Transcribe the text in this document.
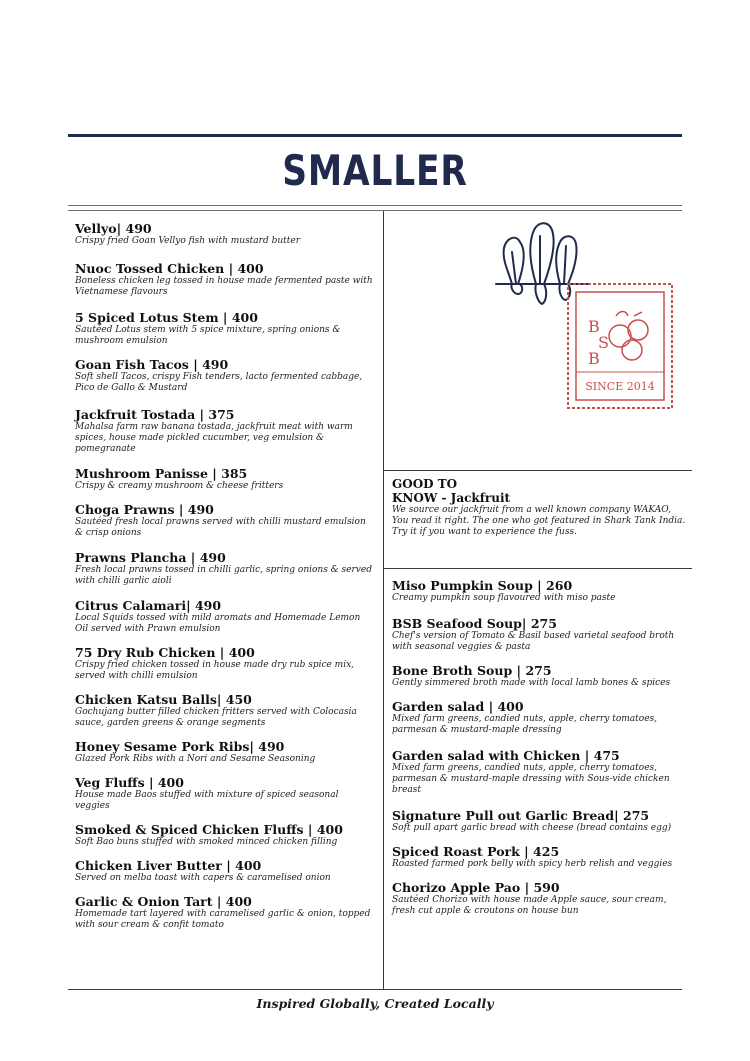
SMALLER
Vellyo| 490
Crispy fried Goan Vellyo fish with mustard butter
Nuoc Tossed Chicken | 400
Boneless chicken leg tossed in house made fermented paste with Vietnamese flavours
5 Spiced Lotus Stem | 400
Sautéed Lotus stem with 5 spice mixture, spring onions & mushroom emulsion
Goan Fish Tacos | 490
Soft shell Tacos, crispy Fish tenders, lacto fermented cabbage, Pico de Gallo & Mustard
Jackfruit Tostada | 375
Mahalsa farm raw banana tostada, jackfruit meat with warm spices, house made pickled cucumber, veg emulsion & pomegranate
Mushroom Panisse | 385
Crispy & creamy mushroom & cheese fritters
Choga Prawns | 490
Sautéed fresh local prawns served with chilli mustard emulsion & crisp onions
Prawns Plancha | 490
Fresh local prawns tossed in chilli garlic, spring onions & served with chilli garlic aioli
Citrus Calamari| 490
Local Squids tossed with mild aromats and Homemade Lemon Oil served with Prawn emulsion
75 Dry Rub Chicken | 400
Crispy fried chicken tossed in house made dry rub spice mix, served with chilli emulsion
Chicken Katsu Balls| 450
Gochujang butter filled chicken fritters served with Colocasia sauce, garden greens & orange segments
Honey Sesame Pork Ribs| 490
Glazed Pork Ribs with a Nori and Sesame Seasoning
Veg Fluffs | 400
House made Baos stuffed with mixture of spiced seasonal veggies
Smoked & Spiced Chicken Fluffs | 400
Soft Bao buns stuffed with smoked minced chicken filling
Chicken Liver Butter | 400
Served on melba toast with capers & caramelised onion
Garlic & Onion Tart | 400
Homemade tart layered with caramelised garlic & onion, topped with sour cream & confit tomato
B
S
B
SINCE 2014
GOOD TO
KNOW - Jackfruit
We source our jackfruit from a well known company WAKAO, You read it right. The one who got featured in Shark Tank India. Try it if you want to experience the fuss.
Miso Pumpkin Soup | 260
Creamy pumpkin soup flavoured with miso paste
BSB Seafood Soup| 275
Chef's version of Tomato & Basil based varietal seafood broth with seasonal veggies & pasta
Bone Broth Soup | 275
Gently simmered broth made with local lamb bones & spices
Garden salad | 400
Mixed farm greens, candied nuts, apple, cherry tomatoes, parmesan & mustard-maple dressing
Garden salad with Chicken | 475
Mixed farm greens, candied nuts, apple, cherry tomatoes, parmesan & mustard-maple dressing with Sous-vide chicken breast
Signature Pull out Garlic Bread| 275
Soft pull apart garlic bread with cheese (bread contains egg)
Spiced Roast Pork | 425
Roasted farmed pork belly with spicy herb relish and veggies
Chorizo Apple Pao | 590
Sautéed Chorizo with house made Apple sauce, sour cream, fresh cut apple & croutons on house bun
Inspired Globally, Created Locally
